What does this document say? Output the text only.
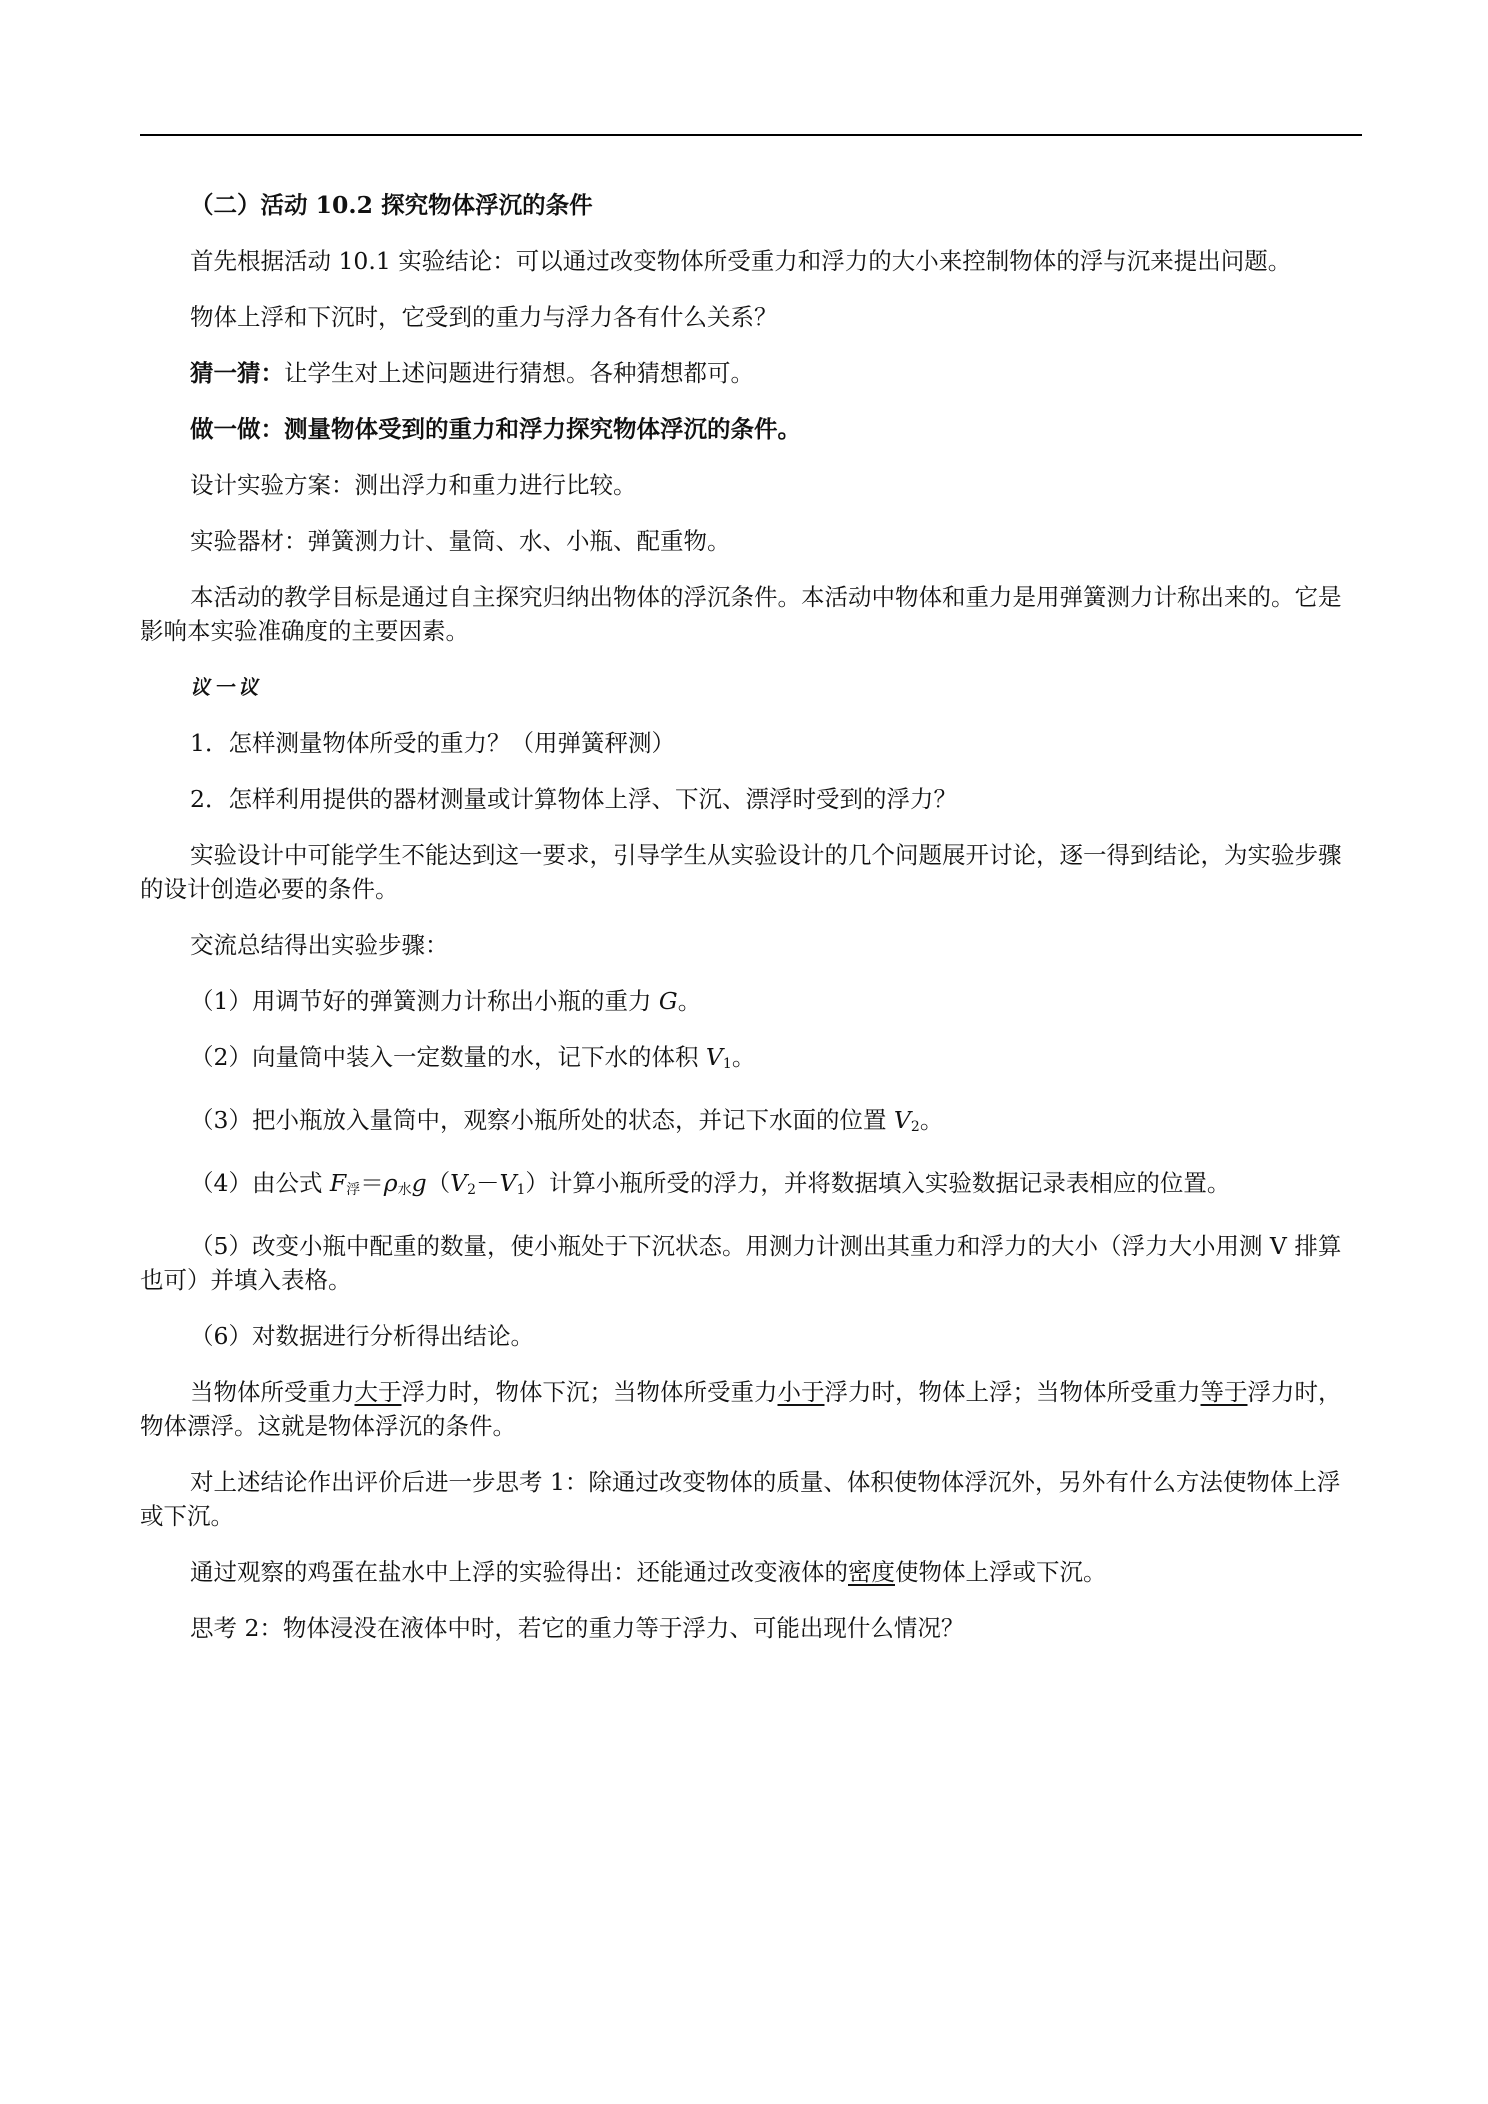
（二）活动 10.2 探究物体浮沉的条件

首先根据活动 10.1 实验结论：可以通过改变物体所受重力和浮力的大小来控制物体的浮与沉来提出问题。

物体上浮和下沉时，它受到的重力与浮力各有什么关系？

猜一猜：让学生对上述问题进行猜想。各种猜想都可。

做一做：测量物体受到的重力和浮力探究物体浮沉的条件。

设计实验方案：测出浮力和重力进行比较。

实验器材：弹簧测力计、量筒、水、小瓶、配重物。

本活动的教学目标是通过自主探究归纳出物体的浮沉条件。本活动中物体和重力是用弹簧测力计称出来的。它是影响本实验准确度的主要因素。

议一议

1．怎样测量物体所受的重力？（用弹簧秤测）

2．怎样利用提供的器材测量或计算物体上浮、下沉、漂浮时受到的浮力？

实验设计中可能学生不能达到这一要求，引导学生从实验设计的几个问题展开讨论，逐一得到结论，为实验步骤的设计创造必要的条件。

交流总结得出实验步骤：

（1）用调节好的弹簧测力计称出小瓶的重力 G。

（2）向量筒中装入一定数量的水，记下水的体积 $V_1$。

（3）把小瓶放入量筒中，观察小瓶所处的状态，并记下水面的位置 $V_2$。

（4）由公式 $F_浮=\rho_水g(V_2-V_1)$计算小瓶所受的浮力，并将数据填入实验数据记录表相应的位置。

（5）改变小瓶中配重的数量，使小瓶处于下沉状态。用测力计测出其重力和浮力的大小（浮力大小用测 V 排算也可）并填入表格。

（6）对数据进行分析得出结论。

当物体所受重力大于浮力时，物体下沉；当物体所受重力小于浮力时，物体上浮；当物体所受重力等于浮力时，物体漂浮。这就是物体浮沉的条件。

对上述结论作出评价后进一步思考 1：除通过改变物体的质量、体积使物体浮沉外，另外有什么方法使物体上浮或下沉。

通过观察的鸡蛋在盐水中上浮的实验得出：还能通过改变液体的密度使物体上浮或下沉。

思考 2：物体浸没在液体中时，若它的重力等于浮力、可能出现什么情况？
